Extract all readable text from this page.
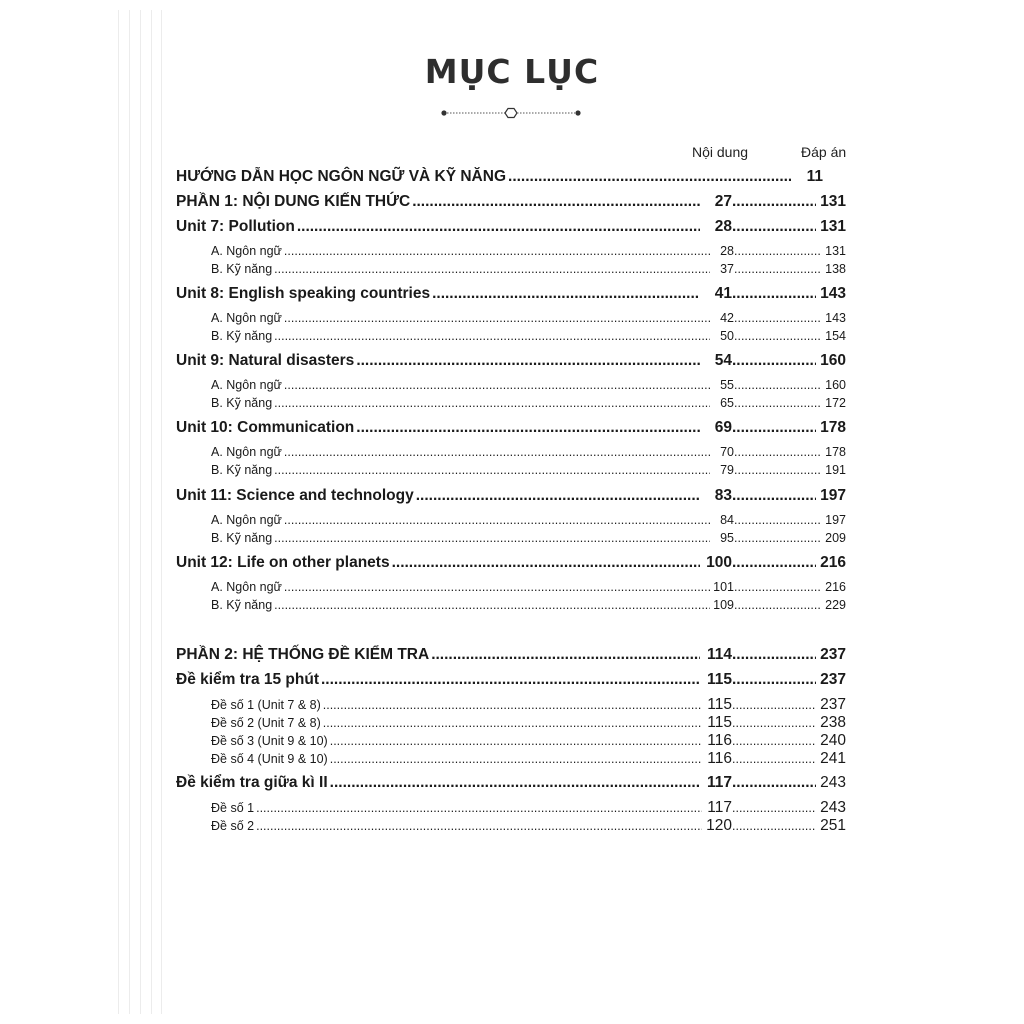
MỤC LỤC
Nội dung	Đáp án
HƯỚNG DẪN HỌC NGÔN NGỮ VÀ KỸ NĂNG .....	11
PHẦN 1: NỘI DUNG KIẾN THỨC .....	27 .....	131
Unit 7: Pollution .....	28 .....	131
A. Ngôn ngữ .....	28 .....	131
B. Kỹ năng .....	37 .....	138
Unit 8: English speaking countries .....	41 .....	143
A. Ngôn ngữ .....	42 .....	143
B. Kỹ năng .....	50 .....	154
Unit 9: Natural disasters .....	54 .....	160
A. Ngôn ngữ .....	55 .....	160
B. Kỹ năng .....	65 .....	172
Unit 10: Communication .....	69 .....	178
A. Ngôn ngữ .....	70 .....	178
B. Kỹ năng .....	79 .....	191
Unit 11: Science and technology .....	83 .....	197
A. Ngôn ngữ .....	84 .....	197
B. Kỹ năng .....	95 .....	209
Unit 12: Life on other planets .....	100 .....	216
A. Ngôn ngữ .....	101 .....	216
B. Kỹ năng .....	109 .....	229
PHẦN 2: HỆ THỐNG ĐỀ KIỂM TRA .....	114 .....	237
Đề kiểm tra 15 phút .....	115 .....	237
Đề số 1 (Unit 7 & 8) .....	115 .....	237
Đề số 2 (Unit 7 & 8) .....	115 .....	238
Đề số 3 (Unit 9 & 10) .....	116 .....	240
Đề số 4 (Unit 9 & 10) .....	116 .....	241
Đề kiểm tra giữa kì II .....	117 .....	243
Đề số 1 .....	117 .....	243
Đề số 2 .....	120 .....	251
